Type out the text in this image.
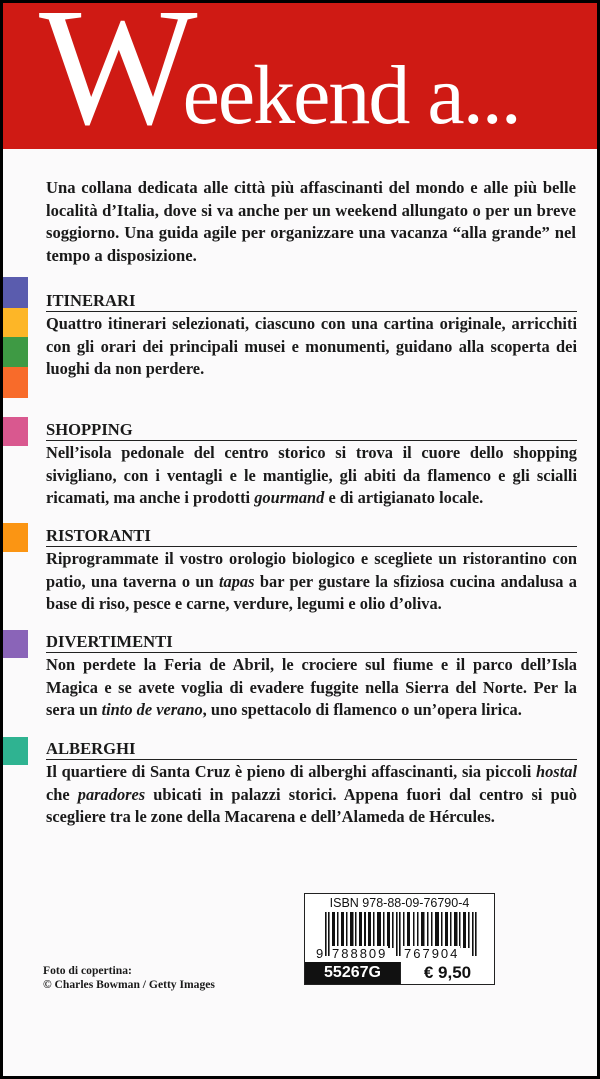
Weekend a...
Una collana dedicata alle città più affascinanti del mondo e alle più belle località d’Italia, dove si va anche per un weekend allungato o per un breve soggiorno. Una guida agile per organizzare una vacanza “alla grande” nel tempo a disposizione.
ITINERARI

Quattro itinerari selezionati, ciascuno con una cartina originale, arricchiti con gli orari dei principali musei e monumenti, guidano alla scoperta dei luoghi da non perdere.

SHOPPING

Nell’isola pedonale del centro storico si trova il cuore dello shopping sivigliano, con i ventagli e le mantiglie, gli abiti da flamenco e gli scialli ricamati, ma anche i prodotti gourmand e di artigianato locale.

RISTORANTI

Riprogrammate il vostro orologio biologico e scegliete un ristorantino con patio, una taverna o un tapas bar per gustare la sfiziosa cucina andalusa a base di riso, pesce e carne, verdure, legumi e olio d’oliva.

DIVERTIMENTI

Non perdete la Feria de Abril, le crociere sul fiume e il parco dell’Isla Magica e se avete voglia di evadere fuggite nella Sierra del Norte. Per la sera un tinto de verano, uno spettacolo di flamenco o un’opera lirica.

ALBERGHI

Il quartiere di Santa Cruz è pieno di alberghi affascinanti, sia piccoli hostal che paradores ubicati in palazzi storici. Appena fuori dal centro si può scegliere tra le zone della Macarena e dell’Alameda de Hércules.

Foto di copertina:
© Charles Bowman / Getty Images
ISBN 978-88-09-76790-4
9 788809 767904
55267G	€ 9,50
